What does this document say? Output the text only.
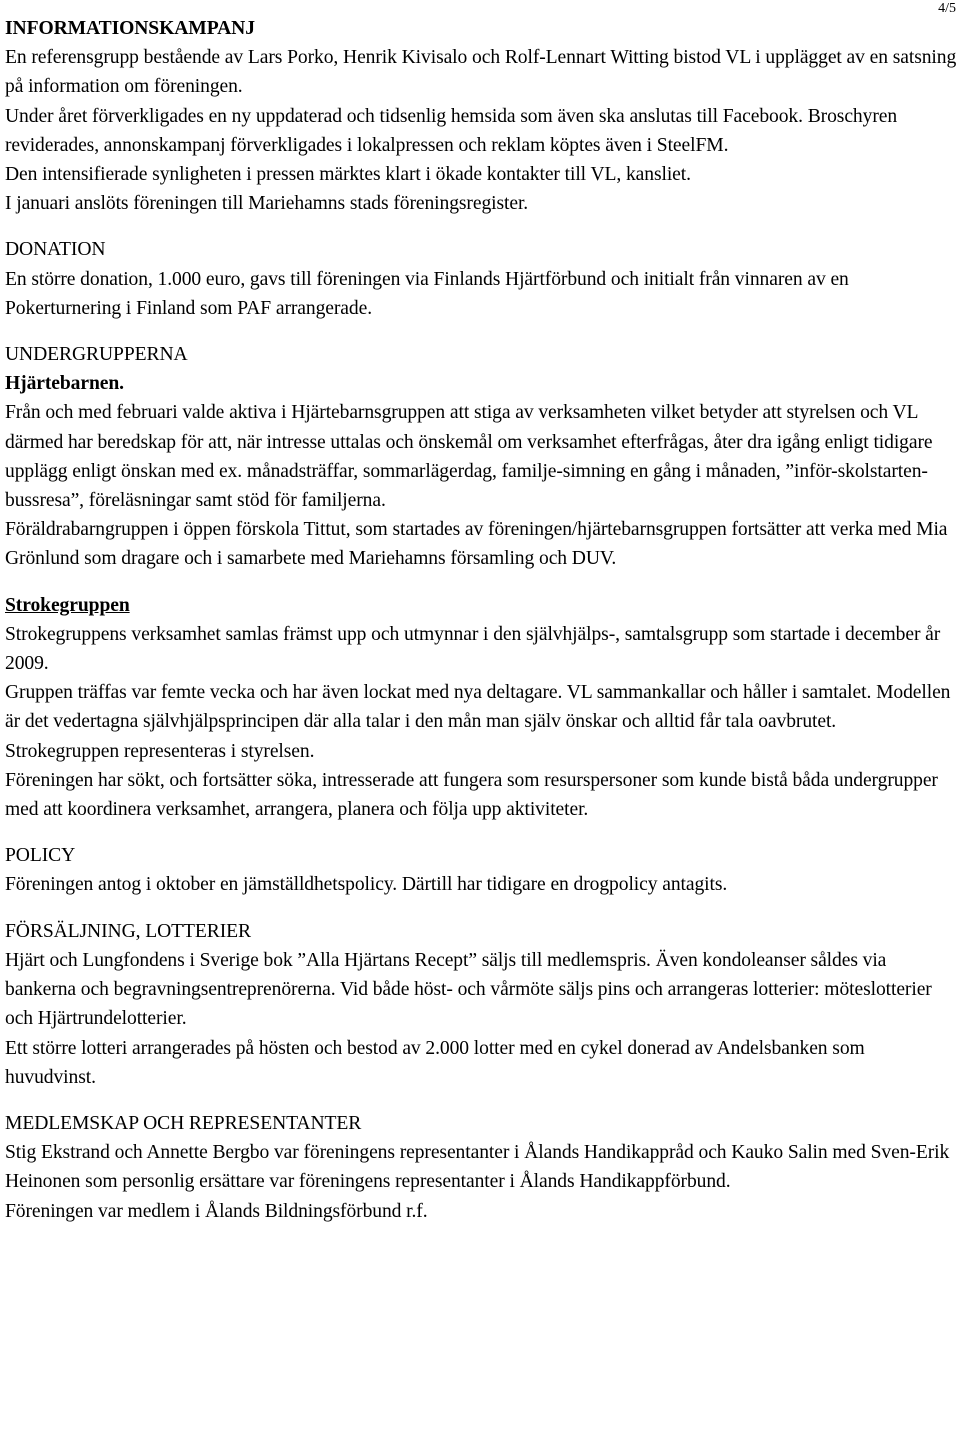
4/5
INFORMATIONSKAMPANJ

En referensgrupp bestående av Lars Porko, Henrik Kivisalo och Rolf-Lennart Witting bistod VL i upplägget av en satsning på information om föreningen.

Under året förverkligades en ny uppdaterad och tidsenlig hemsida som även ska anslutas till Facebook. Broschyren reviderades, annonskampanj förverkligades i lokalpressen och reklam köptes även i SteelFM.

Den intensifierade synligheten i pressen märktes klart i ökade kontakter till VL, kansliet.

I januari anslöts föreningen till Mariehamns stads föreningsregister.

DONATION

En större donation, 1.000 euro, gavs till föreningen via Finlands Hjärtförbund och initialt från vinnaren av en Pokerturnering i Finland som PAF arrangerade.

UNDERGRUPPERNA
Hjärtebarnen.

Från och med februari valde aktiva i Hjärtebarnsgruppen att stiga av verksamheten vilket betyder att styrelsen och VL därmed har beredskap för att, när intresse uttalas och önskemål om verksamhet efterfrågas, åter dra igång enligt tidigare upplägg enligt önskan med ex. månadsträffar, sommarlägerdag, familje-simning en gång i månaden, ”inför-skolstarten-bussresa”, föreläsningar samt stöd för familjerna.

Föräldrabarngruppen i öppen förskola Tittut, som startades av föreningen/hjärtebarnsgruppen fortsätter att verka med Mia Grönlund som dragare och i samarbete med Mariehamns församling och DUV.

Strokegruppen

Strokegruppens verksamhet samlas främst upp och utmynnar i den självhjälps-, samtalsgrupp som startade i december år 2009.

Gruppen träffas var femte vecka och har även lockat med nya deltagare. VL sammankallar och håller i samtalet. Modellen är det vedertagna självhjälpsprincipen där alla talar i den mån man själv önskar och alltid får tala oavbrutet.

Strokegruppen representeras i styrelsen.

Föreningen har sökt, och fortsätter söka, intresserade att fungera som resurspersoner som kunde bistå båda undergrupper med att koordinera verksamhet, arrangera, planera och följa upp aktiviteter.

POLICY

Föreningen antog i oktober en jämställdhetspolicy. Därtill har tidigare en drogpolicy antagits.

FÖRSÄLJNING, LOTTERIER

Hjärt och Lungfondens i Sverige bok ”Alla Hjärtans Recept” säljs till medlemspris. Även kondoleanser såldes via bankerna och begravningsentreprenörerna. Vid både höst- och vårmöte säljs pins och arrangeras lotterier: möteslotterier och Hjärtrundelotterier.

Ett större lotteri arrangerades på hösten och bestod av 2.000 lotter med en cykel donerad av Andelsbanken som huvudvinst.

MEDLEMSKAP OCH REPRESENTANTER

Stig Ekstrand och Annette Bergbo var föreningens representanter i Ålands Handikappråd och Kauko Salin med Sven-Erik Heinonen som personlig ersättare var föreningens representanter i Ålands Handikappförbund.

Föreningen var medlem i Ålands Bildningsförbund r.f.
